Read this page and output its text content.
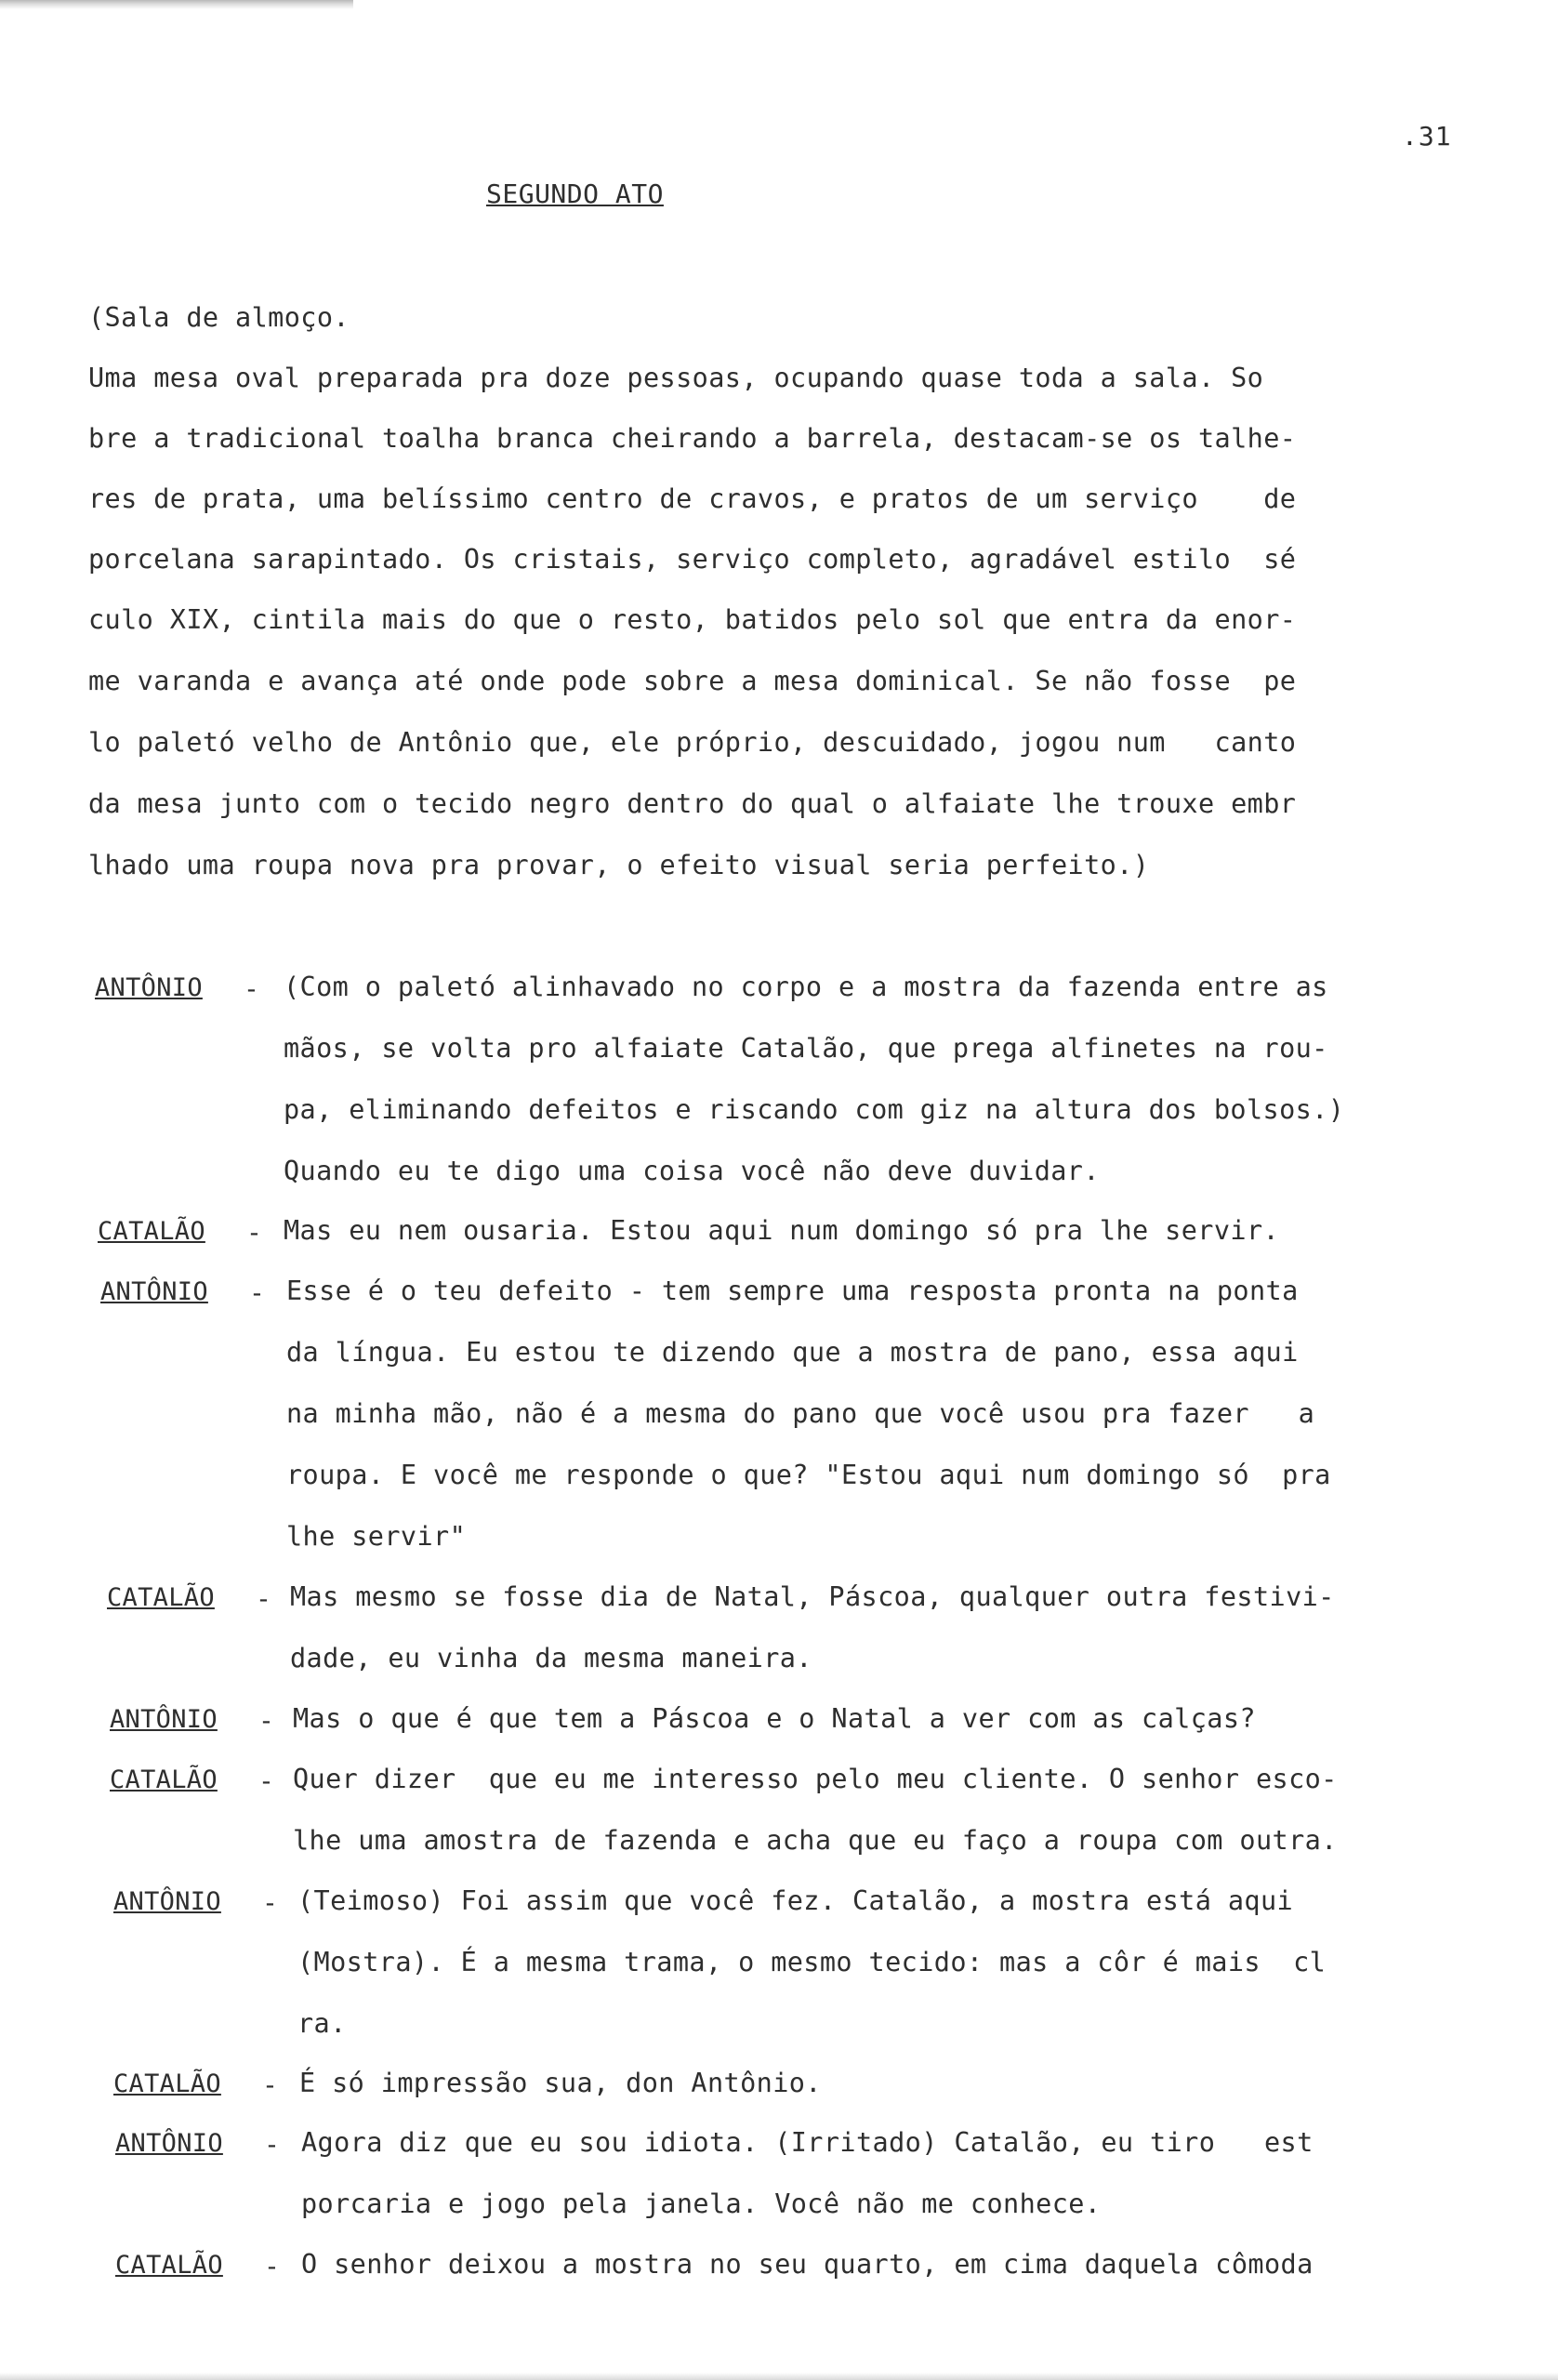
.31
SEGUNDO ATO
(Sala de almoço.
Uma mesa oval preparada pra doze pessoas, ocupando quase toda a sala. So
bre a tradicional toalha branca cheirando a barrela, destacam-se os talhe-
res de prata, uma belíssimo centro de cravos, e pratos de um serviço    de
porcelana sarapintado. Os cristais, serviço completo, agradável estilo  sé
culo XIX, cintila mais do que o resto, batidos pelo sol que entra da enor-
me varanda e avança até onde pode sobre a mesa dominical. Se não fosse  pe
lo paletó velho de Antônio que, ele próprio, descuidado, jogou num   canto
da mesa junto com o tecido negro dentro do qual o alfaiate lhe trouxe embr
lhado uma roupa nova pra provar, o efeito visual seria perfeito.)
ANTÔNIO - (Com o paletó alinhavado no corpo e a mostra da fazenda entre as
mãos, se volta pro alfaiate Catalão, que prega alfinetes na rou-
pa, eliminando defeitos e riscando com giz na altura dos bolsos.)
Quando eu te digo uma coisa você não deve duvidar.
CATALÃO - Mas eu nem ousaria. Estou aqui num domingo só pra lhe servir.
ANTÔNIO - Esse é o teu defeito - tem sempre uma resposta pronta na ponta
da língua. Eu estou te dizendo que a mostra de pano, essa aqui
na minha mão, não é a mesma do pano que você usou pra fazer   a
roupa. E você me responde o que? "Estou aqui num domingo só  pra
lhe servir"
CATALÃO - Mas mesmo se fosse dia de Natal, Páscoa, qualquer outra festivi-
dade, eu vinha da mesma maneira.
ANTÔNIO - Mas o que é que tem a Páscoa e o Natal a ver com as calças?
CATALÃO - Quer dizer  que eu me interesso pelo meu cliente. O senhor esco-
lhe uma amostra de fazenda e acha que eu faço a roupa com outra.
ANTÔNIO - (Teimoso) Foi assim que você fez. Catalão, a mostra está aqui
(Mostra). É a mesma trama, o mesmo tecido: mas a côr é mais  cl
ra.
CATALÃO - É só impressão sua, don Antônio.
ANTÔNIO - Agora diz que eu sou idiota. (Irritado) Catalão, eu tiro   est
porcaria e jogo pela janela. Você não me conhece.
CATALÃO - O senhor deixou a mostra no seu quarto, em cima daquela cômoda
